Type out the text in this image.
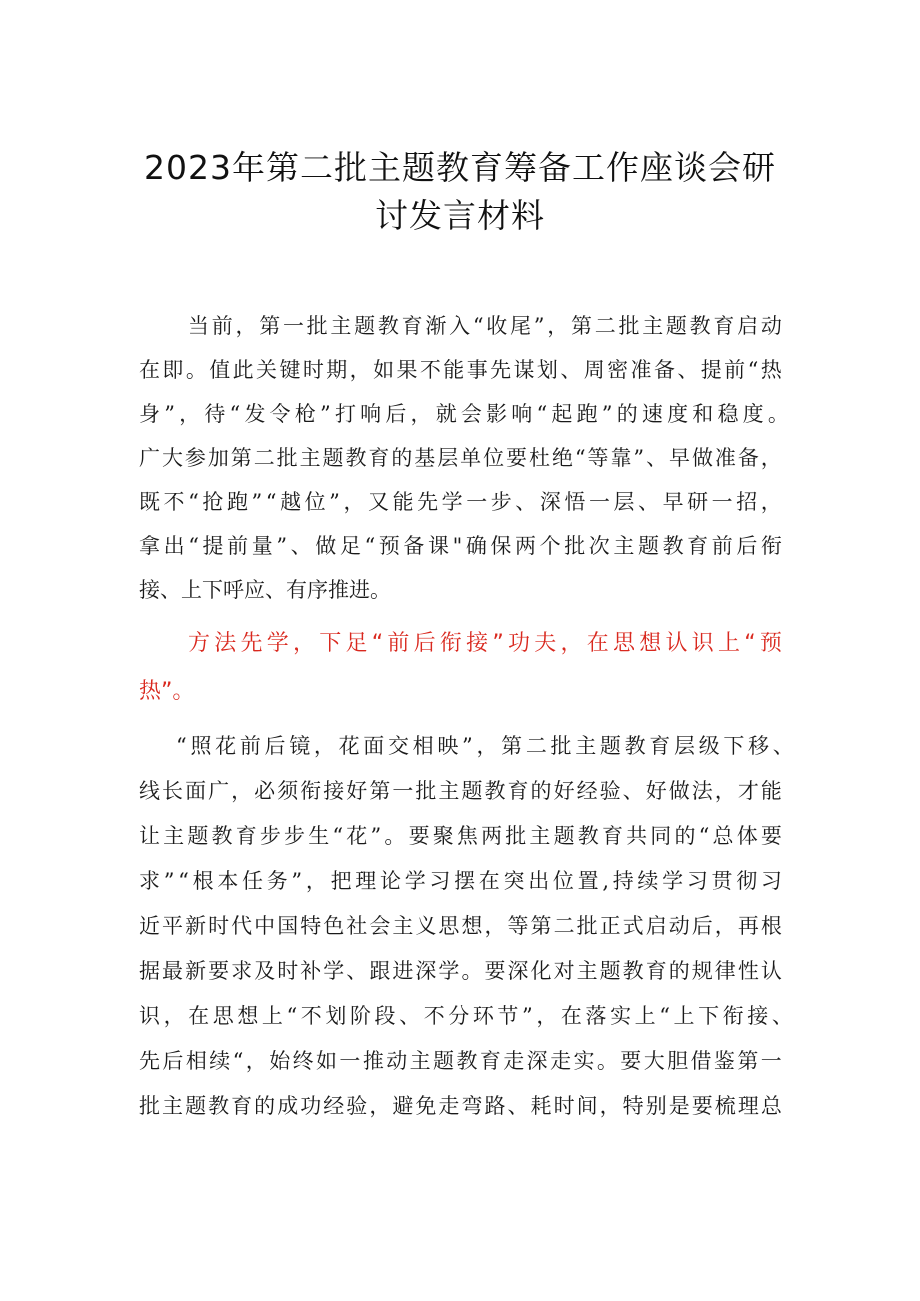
2023年第二批主题教育筹备工作座谈会研
讨发言材料
当 前 ， 第 一 批 主 题 教 育 渐 入 “ 收 尾 ” ， 第 二 批 主 题 教 育 启 动
在 即 。 值 此 关 键 时 期 ， 如 果 不 能 事 先 谋 划 、 周 密 准 备 、 提 前 “ 热
身 ” ， 待 “ 发 令 枪 ” 打 响 后 ， 就 会 影 响 “ 起 跑 ” 的 速 度 和 稳 度 。
广 大 参 加 第 二 批 主 题 教 育 的 基 层 单 位 要 杜 绝 “ 等 靠 ” 、 早 做 准 备 ，
既 不 “ 抢 跑 ” “ 越 位 ” ， 又 能 先 学 一 步 、 深 悟 一 层 、 早 研 一 招 ，
拿 出 “ 提 前 量 ” 、 做 足 “ 预 备 课 " 确 保 两 个 批 次 主 题 教 育 前 后 衔
接、上下呼应、有序推进。
方 法 先 学 ， 下 足 “ 前 后 衔 接 ” 功 夫 ， 在 思 想 认 识 上 “ 预
热”。
“ 照 花 前 后 镜 ， 花 面 交 相 映 ” ， 第 二 批 主 题 教 育 层 级 下 移 、
线 长 面 广 ， 必 须 衔 接 好 第 一 批 主 题 教 育 的 好 经 验 、 好 做 法 ， 才 能
让 主 题 教 育 步 步 生 “ 花 ” 。 要 聚 焦 两 批 主 题 教 育 共 同 的 “ 总 体 要
求 ” “ 根 本 任 务 ” ， 把 理 论 学 习 摆 在 突 出 位 置 , 持 续 学 习 贯 彻 习
近 平 新 时 代 中 国 特 色 社 会 主 义 思 想 ， 等 第 二 批 正 式 启 动 后 ， 再 根
据 最 新 要 求 及 时 补 学 、 跟 进 深 学 。 要 深 化 对 主 题 教 育 的 规 律 性 认
识 ， 在 思 想 上 “ 不 划 阶 段 、 不 分 环 节 ” ， 在 落 实 上 “ 上 下 衔 接 、
先 后 相 续 “ ， 始 终 如 一 推 动 主 题 教 育 走 深 走 实 。 要 大 胆 借 鉴 第 一
批 主 题 教 育 的 成 功 经 验 ， 避 免 走 弯 路 、 耗 时 间 ， 特 别 是 要 梳 理 总
